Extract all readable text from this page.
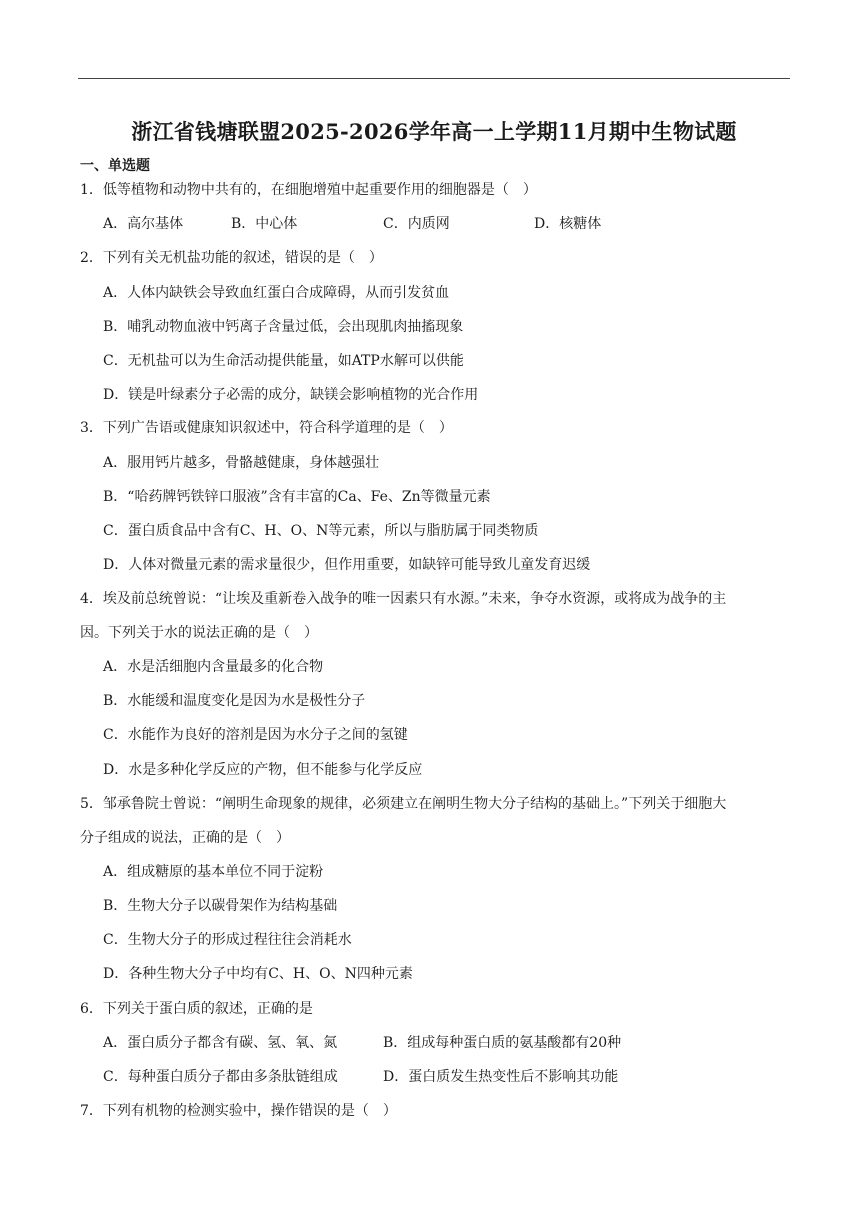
浙江省钱塘联盟2025-2026学年高一上学期11月期中生物试题
一、单选题
1．低等植物和动物中共有的，在细胞增殖中起重要作用的细胞器是（　）
A．高尔基体	B．中心体	C．内质网	D．核糖体
2．下列有关无机盐功能的叙述，错误的是（　）
A．人体内缺铁会导致血红蛋白合成障碍，从而引发贫血
B．哺乳动物血液中钙离子含量过低，会出现肌肉抽搐现象
C．无机盐可以为生命活动提供能量，如ATP水解可以供能
D．镁是叶绿素分子必需的成分，缺镁会影响植物的光合作用
3．下列广告语或健康知识叙述中，符合科学道理的是（　）
A．服用钙片越多，骨骼越健康，身体越强壮
B．“哈药牌钙铁锌口服液”含有丰富的Ca、Fe、Zn等微量元素
C．蛋白质食品中含有C、H、O、N等元素，所以与脂肪属于同类物质
D．人体对微量元素的需求量很少，但作用重要，如缺锌可能导致儿童发育迟缓
4．埃及前总统曾说：“让埃及重新卷入战争的唯一因素只有水源。”未来，争夺水资源，或将成为战争的主
因。下列关于水的说法正确的是（　）
A．水是活细胞内含量最多的化合物
B．水能缓和温度变化是因为水是极性分子
C．水能作为良好的溶剂是因为水分子之间的氢键
D．水是多种化学反应的产物，但不能参与化学反应
5．邹承鲁院士曾说：“阐明生命现象的规律，必须建立在阐明生物大分子结构的基础上。”下列关于细胞大
分子组成的说法，正确的是（　）
A．组成糖原的基本单位不同于淀粉
B．生物大分子以碳骨架作为结构基础
C．生物大分子的形成过程往往会消耗水
D．各种生物大分子中均有C、H、O、N四种元素
6．下列关于蛋白质的叙述，正确的是
A．蛋白质分子都含有碳、氢、氧、氮	B．组成每种蛋白质的氨基酸都有20种
C．每种蛋白质分子都由多条肽链组成	D．蛋白质发生热变性后不影响其功能
7．下列有机物的检测实验中，操作错误的是（　）
